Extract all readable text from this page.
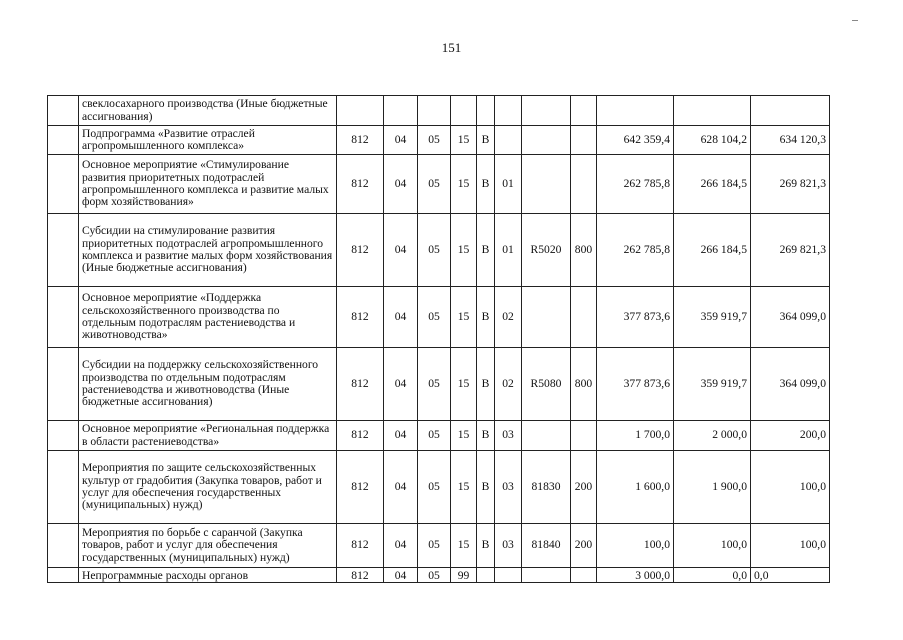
151
	свеклосахарного производства (Иные бюджетные ассигнования)											
	Подпрограмма «Развитие отраслей агропромышленного комплекса»	812	04	05	15	В				642 359,4	628 104,2	634 120,3
	Основное мероприятие «Стимулирование развития приоритетных подотраслей агропромышленного комплекса и развитие малых форм хозяйствования»	812	04	05	15	В	01			262 785,8	266 184,5	269 821,3
	Субсидии на стимулирование развития приоритетных подотраслей агропромышленного комплекса и развитие малых форм хозяйствования (Иные бюджетные ассигнования)	812	04	05	15	В	01	R5020	800	262 785,8	266 184,5	269 821,3
	Основное мероприятие «Поддержка сельскохозяйственного производства по отдельным подотраслям растениеводства и животноводства»	812	04	05	15	В	02			377 873,6	359 919,7	364 099,0
	Субсидии на поддержку сельскохозяйственного производства по отдельным подотраслям растениеводства и животноводства (Иные бюджетные ассигнования)	812	04	05	15	В	02	R5080	800	377 873,6	359 919,7	364 099,0
	Основное мероприятие «Региональная поддержка в области растениеводства»	812	04	05	15	В	03			1 700,0	2 000,0	200,0
	Мероприятия по защите сельскохозяйственных культур от градобития (Закупка товаров, работ и услуг для обеспечения государственных (муниципальных) нужд)	812	04	05	15	В	03	81830	200	1 600,0	1 900,0	100,0
	Мероприятия по борьбе с саранчой (Закупка товаров, работ и услуг для обеспечения государственных (муниципальных) нужд)	812	04	05	15	В	03	81840	200	100,0	100,0	100,0
	Непрограммные расходы органов	812	04	05	99					3 000,0	0,0	0,0
